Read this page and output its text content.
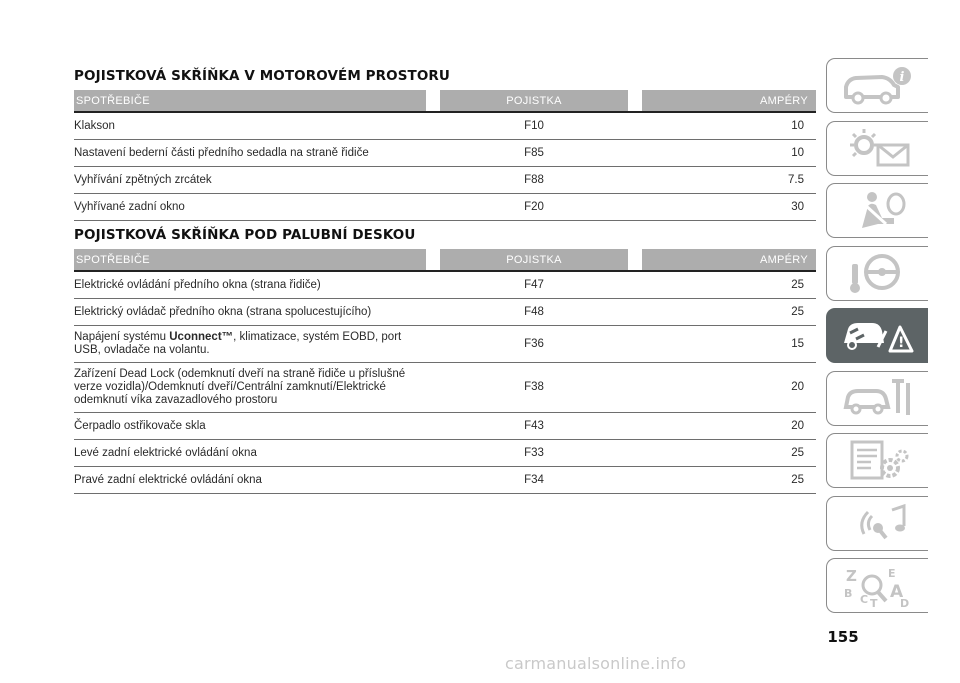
POJISTKOVÁ SKŘÍŇKA V MOTOROVÉM PROSTORU
SPOTŘEBIČE		POJISTKA		AMPÉRY
Klakson		F10		10
Nastavení bederní části předního sedadla na straně řidiče		F85		10
Vyhřívání zpětných zrcátek		F88		7.5
Vyhřívané zadní okno		F20		30
POJISTKOVÁ SKŘÍŇKA POD PALUBNÍ DESKOU
SPOTŘEBIČE		POJISTKA		AMPÉRY
Elektrické ovládání předního okna (strana řidiče)		F47		25
Elektrický ovládač předního okna (strana spolucestujícího)		F48		25
Napájení systému Uconnect™, klimatizace, systém EOBD, port USB, ovladače na volantu.		F36		15
Zařízení Dead Lock (odemknutí dveří na straně řidiče u příslušné verze vozidla)/Odemknutí dveří/Centrální zamknutí/Elektrické odemknutí víka zavazadlového prostoru		F38		20
Čerpadlo ostřikovače skla		F43		20
Levé zadní elektrické ovládání okna		F33		25
Pravé zadní elektrické ovládání okna		F34		25
i
!
Z	E
A
B C T D
155
carmanualsonline.info
